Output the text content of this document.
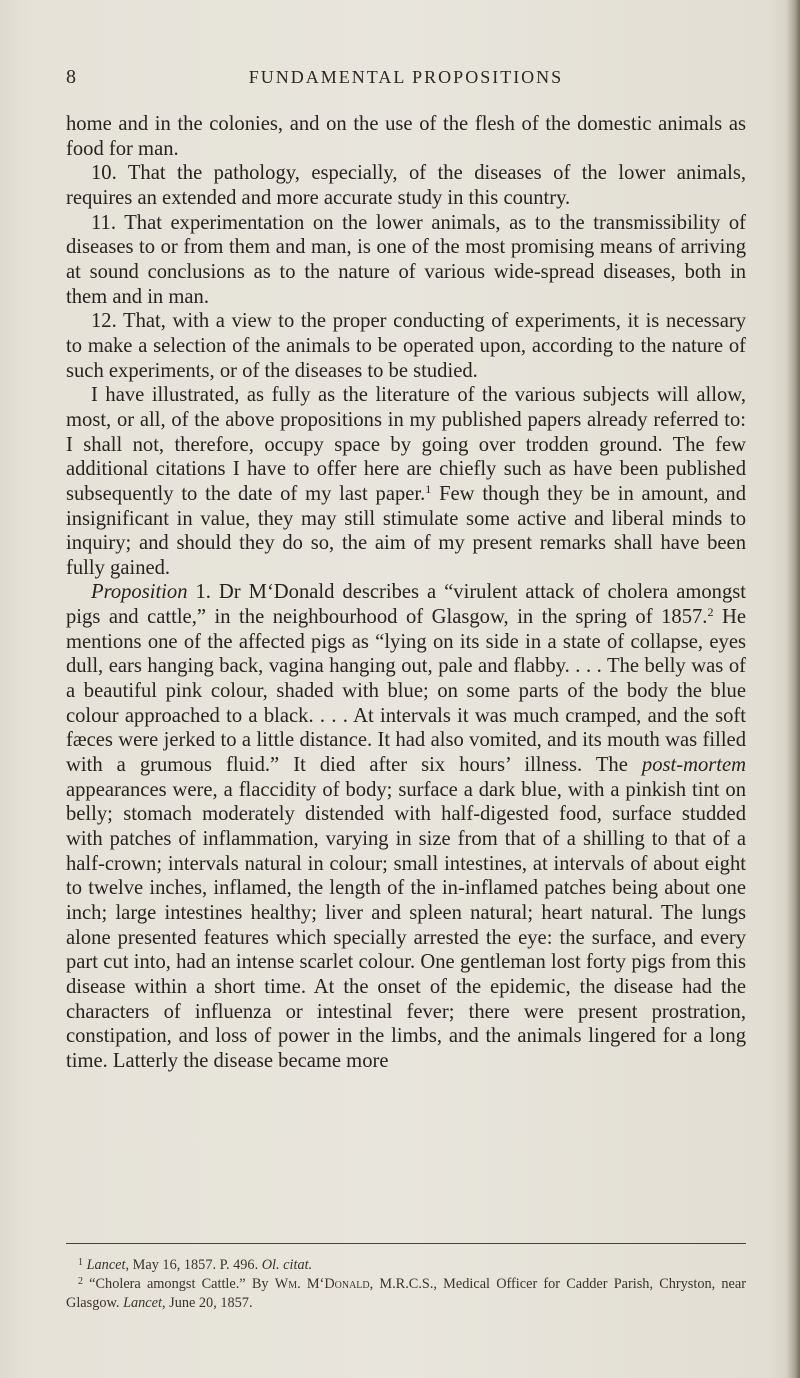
8	FUNDAMENTAL PROPOSITIONS

home and in the colonies, and on the use of the flesh of the domestic animals as food for man.

10. That the pathology, especially, of the diseases of the lower animals, requires an extended and more accurate study in this country.

11. That experimentation on the lower animals, as to the transmissibility of diseases to or from them and man, is one of the most promising means of arriving at sound conclusions as to the nature of various wide-spread diseases, both in them and in man.

12. That, with a view to the proper conducting of experiments, it is necessary to make a selection of the animals to be operated upon, according to the nature of such experiments, or of the diseases to be studied.

I have illustrated, as fully as the literature of the various subjects will allow, most, or all, of the above propositions in my published papers already referred to: I shall not, therefore, occupy space by going over trodden ground. The few additional citations I have to offer here are chiefly such as have been published subsequently to the date of my last paper.$^1$ Few though they be in amount, and insignificant in value, they may still stimulate some active and liberal minds to inquiry; and should they do so, the aim of my present remarks shall have been fully gained.

Proposition 1. Dr M‘Donald describes a “virulent attack of cholera amongst pigs and cattle,” in the neighbourhood of Glasgow, in the spring of 1857.$^2$ He mentions one of the affected pigs as “lying on its side in a state of collapse, eyes dull, ears hanging back, vagina hanging out, pale and flabby. . . . The belly was of a beautiful pink colour, shaded with blue; on some parts of the body the blue colour approached to a black. . . . At intervals it was much cramped, and the soft fæces were jerked to a little distance. It had also vomited, and its mouth was filled with a grumous fluid.” It died after six hours’ illness. The post-mortem appearances were, a flaccidity of body; surface a dark blue, with a pinkish tint on belly; stomach moderately distended with half-digested food, surface studded with patches of inflammation, varying in size from that of a shilling to that of a half-crown; intervals natural in colour; small intestines, at intervals of about eight to twelve inches, inflamed, the length of the in-inflamed patches being about one inch; large intestines healthy; liver and spleen natural; heart natural. The lungs alone presented features which specially arrested the eye: the surface, and every part cut into, had an intense scarlet colour. One gentleman lost forty pigs from this disease within a short time. At the onset of the epidemic, the disease had the characters of influenza or intestinal fever; there were present prostration, constipation, and loss of power in the limbs, and the animals lingered for a long time. Latterly the disease became more

$^1$ Lancet, May 16, 1857. P. 496. Ol. citat.

$^2$ “Cholera amongst Cattle.” By Wm. M‘Donald, M.R.C.S., Medical Officer for Cadder Parish, Chryston, near Glasgow. Lancet, June 20, 1857.
